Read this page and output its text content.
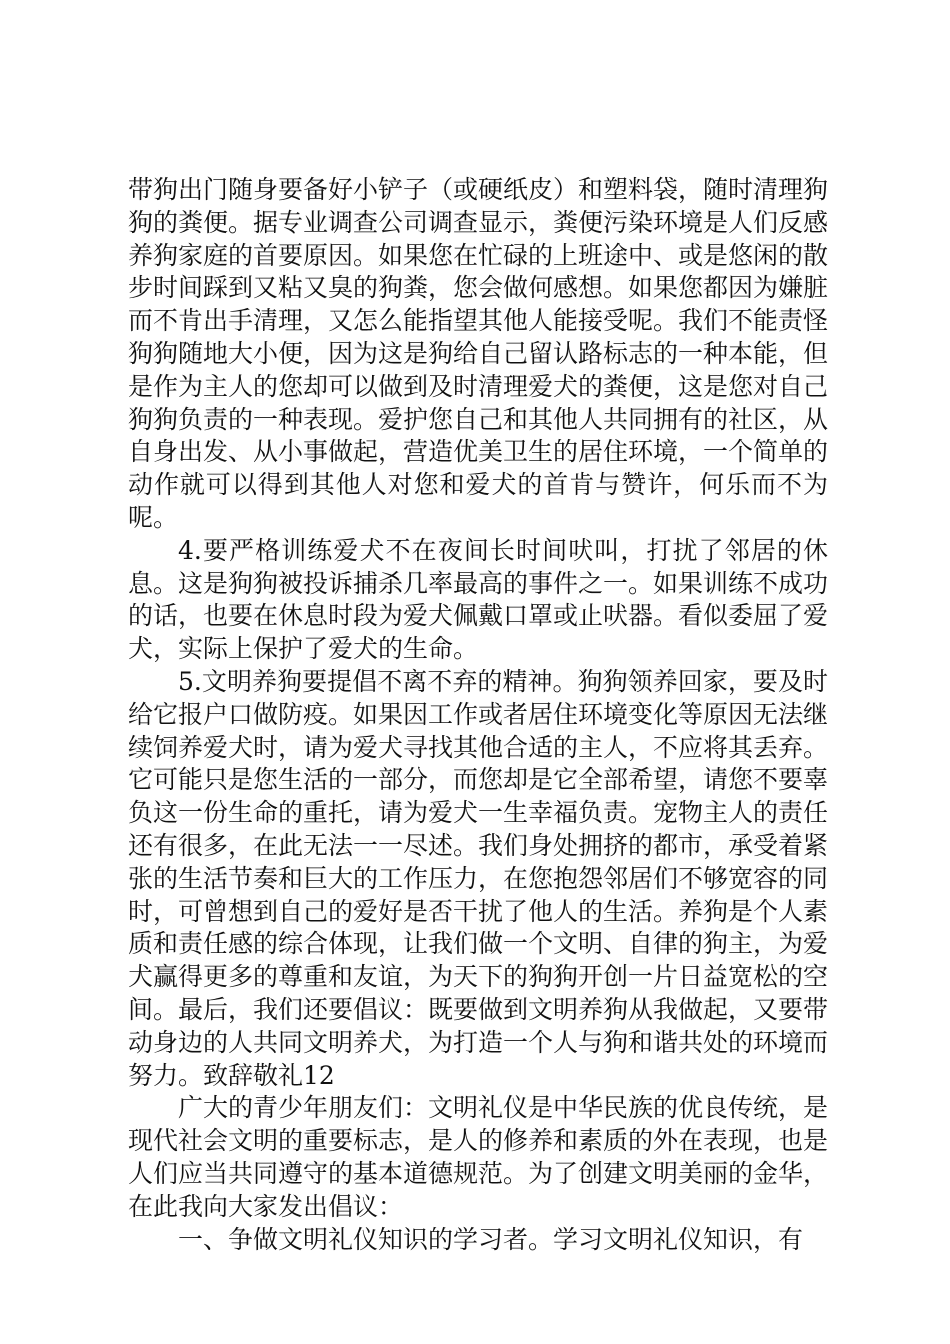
带狗出门随身要备好小铲子（或硬纸皮）和塑料袋，随时清理狗狗的粪便。据专业调查公司调查显示，粪便污染环境是人们反感养狗家庭的首要原因。如果您在忙碌的上班途中、或是悠闲的散步时间踩到又粘又臭的狗粪，您会做何感想。如果您都因为嫌脏而不肯出手清理，又怎么能指望其他人能接受呢。我们不能责怪狗狗随地大小便，因为这是狗给自己留认路标志的一种本能，但是作为主人的您却可以做到及时清理爱犬的粪便，这是您对自己狗狗负责的一种表现。爱护您自己和其他人共同拥有的社区，从自身出发、从小事做起，营造优美卫生的居住环境，一个简单的动作就可以得到其他人对您和爱犬的首肯与赞许，何乐而不为呢。

4.要严格训练爱犬不在夜间长时间吠叫，打扰了邻居的休息。这是狗狗被投诉捕杀几率最高的事件之一。如果训练不成功的话，也要在休息时段为爱犬佩戴口罩或止吠器。看似委屈了爱犬，实际上保护了爱犬的生命。

5.文明养狗要提倡不离不弃的精神。狗狗领养回家，要及时给它报户口做防疫。如果因工作或者居住环境变化等原因无法继续饲养爱犬时，请为爱犬寻找其他合适的主人，不应将其丢弃。它可能只是您生活的一部分，而您却是它全部希望，请您不要辜负这一份生命的重托，请为爱犬一生幸福负责。宠物主人的责任还有很多，在此无法一一尽述。我们身处拥挤的都市，承受着紧张的生活节奏和巨大的工作压力，在您抱怨邻居们不够宽容的同时，可曾想到自己的爱好是否干扰了他人的生活。养狗是个人素质和责任感的综合体现，让我们做一个文明、自律的狗主，为爱犬赢得更多的尊重和友谊，为天下的狗狗开创一片日益宽松的空间。最后，我们还要倡议：既要做到文明养狗从我做起，又要带动身边的人共同文明养犬，为打造一个人与狗和谐共处的环境而努力。致辞敬礼12

广大的青少年朋友们：文明礼仪是中华民族的优良传统，是现代社会文明的重要标志，是人的修养和素质的外在表现，也是人们应当共同遵守的基本道德规范。为了创建文明美丽的金华，在此我向大家发出倡议：

一、争做文明礼仪知识的学习者。学习文明礼仪知识，有
